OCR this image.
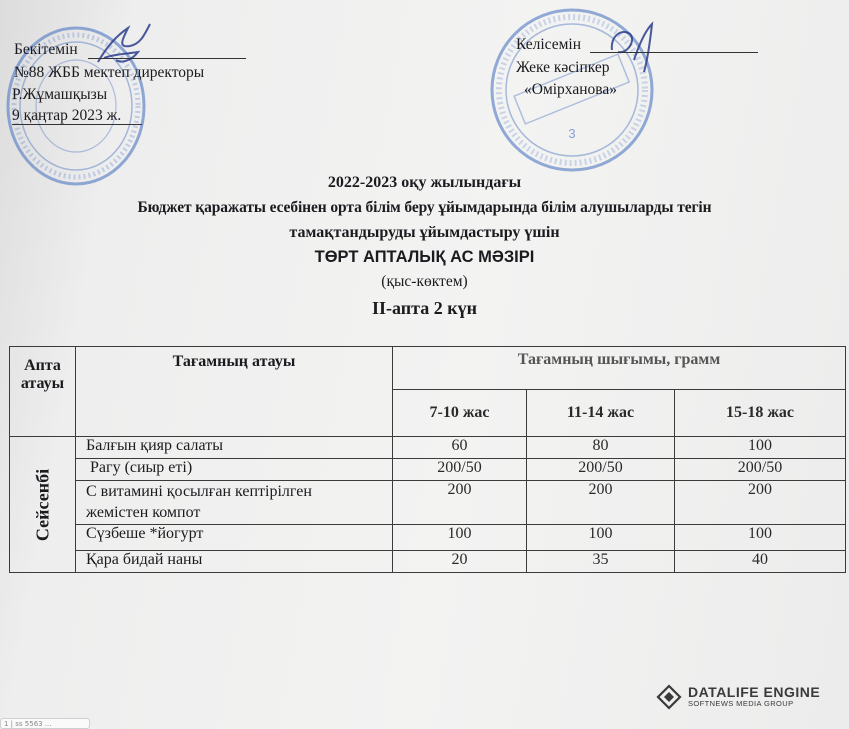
3
Бекітемін
№88 ЖББ мектеп директоры
Р.Жұмашқызы
9 қаңтар 2023 ж.
Келісемін
Жеке кәсіпкер
«Омірханова»
2022-2023 оқу жылындағы
Бюджет қаражаты есебінен орта білім беру ұйымдарында білім алушыларды тегін
тамақтандыруды ұйымдастыру үшін
ТӨРТ АПТАЛЫҚ АС МӘЗІРІ
(қыс-көктем)
ІІ-апта 2 күн
Апта атауы	Тағамның атауы	Тағамның шығымы, грамм		
		7-10 жас	11-14 жас	15-18 жас

Сейсенбі	Балғын қияр салаты	60	80	100
	Рагу (сиыр еті)	200/50	200/50	200/50
	С витамині қосылған кептірілген жемістен компот	200	200	200
	Сүзбеше *йогурт	100	100	100
	Қара бидай наны	20	35	40
DATALIFE ENGINE
SOFTNEWS MEDIA GROUP
1 | ss 5563 ...
